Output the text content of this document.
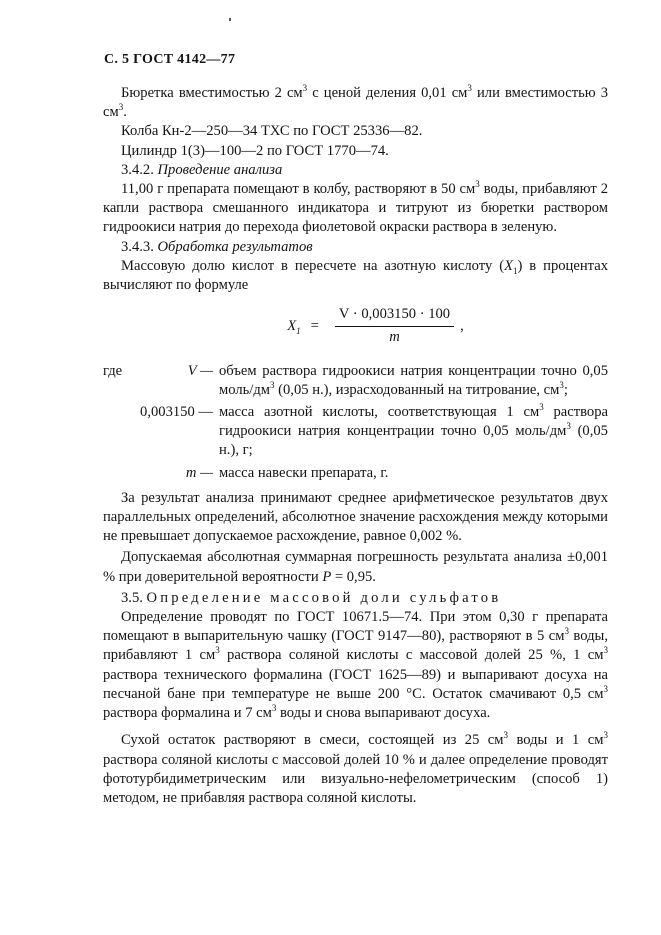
С. 5 ГОСТ 4142—77

Бюретка вместимостью 2 $см^3$ с ценой деления 0,01 $см^3$ или вместимостью 3 $см^3$.

Колба Кн-2—250—34 ТХС по ГОСТ 25336—82.

Цилиндр 1(3)—100—2 по ГОСТ 1770—74.

3.4.2. Проведение анализа

11,00 г препарата помещают в колбу, растворяют в 50 $см^3$ воды, прибавляют 2 капли раствора смешанного индикатора и титруют из бюретки раствором гидроокиси натрия до перехода фиолетовой окраски раствора в зеленую.

3.4.3. Обработка результатов

Массовую долю кислот в пересчете на азотную кислоту $(X_1)$ в процентах вычисляют по формуле

$X_1 = \frac{V \cdot 0,003150 \cdot 100}{m}$ ,
где	V — объем раствора гидроокиси натрия концентрации точно 0,05 моль/$дм^3$ (0,05 н.), израсходованный на титрование, $см^3$;
0,003150 — масса азотной кислоты, соответствующая 1 $см^3$ раствора гидроокиси натрия концентрации точно 0,05 моль/$дм^3$ (0,05 н.), г;
m — масса навески препарата, г.

За результат анализа принимают среднее арифметическое результатов двух параллельных определений, абсолютное значение расхождения между которыми не превышает допускаемое расхождение, равное 0,002 %.

Допускаемая абсолютная суммарная погрешность результата анализа ±0,001 % при доверительной вероятности P = 0,95.

3.5. Определение массовой доли сульфатов

Определение проводят по ГОСТ 10671.5—74. При этом 0,30 г препарата помещают в выпарительную чашку (ГОСТ 9147—80), растворяют в 5 $см^3$ воды, прибавляют 1 $см^3$ раствора соляной кислоты с массовой долей 25 %, 1 $см^3$ раствора технического формалина (ГОСТ 1625—89) и выпаривают досуха на песчаной бане при температуре не выше 200 °С. Остаток смачивают 0,5 $см^3$ раствора формалина и 7 $см^3$ воды и снова выпаривают досуха.

Сухой остаток растворяют в смеси, состоящей из 25 $см^3$ воды и 1 $см^3$ раствора соляной кислоты с массовой долей 10 % и далее определение проводят фототурбидиметрическим или визуально-нефелометрическим (способ 1) методом, не прибавляя раствора соляной кислоты.
